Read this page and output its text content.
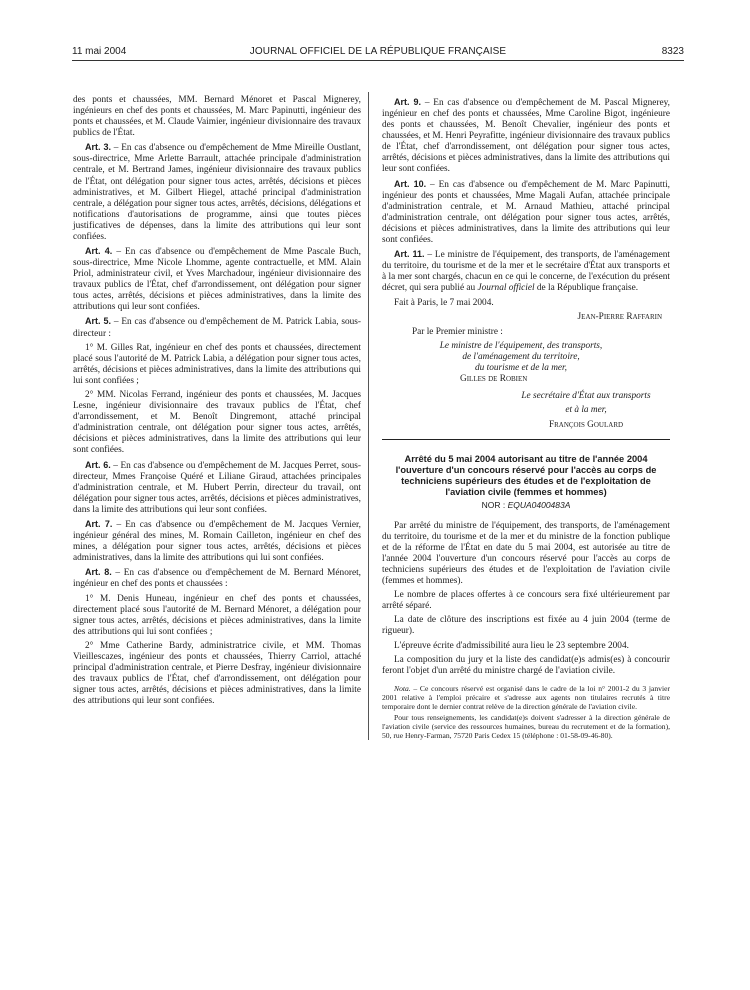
11 mai 2004	JOURNAL OFFICIEL DE LA RÉPUBLIQUE FRANÇAISE	8323

des ponts et chaussées, MM. Bernard Ménoret et Pascal Mignerey, ingénieurs en chef des ponts et chaussées, M. Marc Papinutti, ingénieur des ponts et chaussées, et M. Claude Vaimier, ingénieur divisionnaire des travaux publics de l'État.

Art. 3. – En cas d'absence ou d'empêchement de Mme Mireille Oustlant, sous-directrice, Mme Arlette Barrault, attachée principale d'administration centrale, et M. Bertrand James, ingénieur divisionnaire des travaux publics de l'État, ont délégation pour signer tous actes, arrêtés, décisions et pièces administratives, et M. Gilbert Hiegel, attaché principal d'administration centrale, a délégation pour signer tous actes, arrêtés, décisions, délégations et notifications d'autorisations de programme, ainsi que toutes pièces justificatives de dépenses, dans la limite des attributions qui leur sont confiées.

Art. 4. – En cas d'absence ou d'empêchement de Mme Pascale Buch, sous-directrice, Mme Nicole Lhomme, agente contractuelle, et MM. Alain Priol, administrateur civil, et Yves Marchadour, ingénieur divisionnaire des travaux publics de l'État, chef d'arrondissement, ont délégation pour signer tous actes, arrêtés, décisions et pièces administratives, dans la limite des attributions qui leur sont confiées.

Art. 5. – En cas d'absence ou d'empêchement de M. Patrick Labia, sous-directeur :

1° M. Gilles Rat, ingénieur en chef des ponts et chaussées, directement placé sous l'autorité de M. Patrick Labia, a délégation pour signer tous actes, arrêtés, décisions et pièces administratives, dans la limite des attributions qui lui sont confiées ;

2° MM. Nicolas Ferrand, ingénieur des ponts et chaussées, M. Jacques Lesne, ingénieur divisionnaire des travaux publics de l'État, chef d'arrondissement, et M. Benoît Dingremont, attaché principal d'administration centrale, ont délégation pour signer tous actes, arrêtés, décisions et pièces administratives, dans la limite des attributions qui leur sont confiées.

Art. 6. – En cas d'absence ou d'empêchement de M. Jacques Perret, sous-directeur, Mmes Françoise Quéré et Liliane Giraud, attachées principales d'administration centrale, et M. Hubert Perrin, directeur du travail, ont délégation pour signer tous actes, arrêtés, décisions et pièces administratives, dans la limite des attributions qui leur sont confiées.

Art. 7. – En cas d'absence ou d'empêchement de M. Jacques Vernier, ingénieur général des mines, M. Romain Cailleton, ingénieur en chef des mines, a délégation pour signer tous actes, arrêtés, décisions et pièces administratives, dans la limite des attributions qui lui sont confiées.

Art. 8. – En cas d'absence ou d'empêchement de M. Bernard Ménoret, ingénieur en chef des ponts et chaussées :

1° M. Denis Huneau, ingénieur en chef des ponts et chaussées, directement placé sous l'autorité de M. Bernard Ménoret, a délégation pour signer tous actes, arrêtés, décisions et pièces administratives, dans la limite des attributions qui lui sont confiées ;

2° Mme Catherine Bardy, administratrice civile, et MM. Thomas Vieillescazes, ingénieur des ponts et chaussées, Thierry Carriol, attaché principal d'administration centrale, et Pierre Desfray, ingénieur divisionnaire des travaux publics de l'État, chef d'arrondissement, ont délégation pour signer tous actes, arrêtés, décisions et pièces administratives, dans la limite des attributions qui leur sont confiées.

Art. 9. – En cas d'absence ou d'empêchement de M. Pascal Mignerey, ingénieur en chef des ponts et chaussées, Mme Caroline Bigot, ingénieure des ponts et chaussées, M. Benoît Chevalier, ingénieur des ponts et chaussées, et M. Henri Peyrafitte, ingénieur divisionnaire des travaux publics de l'État, chef d'arrondissement, ont délégation pour signer tous actes, arrêtés, décisions et pièces administratives, dans la limite des attributions qui leur sont confiées.

Art. 10. – En cas d'absence ou d'empêchement de M. Marc Papinutti, ingénieur des ponts et chaussées, Mme Magali Aufan, attachée principale d'administration centrale, et M. Arnaud Mathieu, attaché principal d'administration centrale, ont délégation pour signer tous actes, arrêtés, décisions et pièces administratives, dans la limite des attributions qui leur sont confiées.

Art. 11. – Le ministre de l'équipement, des transports, de l'aménagement du territoire, du tourisme et de la mer et le secrétaire d'État aux transports et à la mer sont chargés, chacun en ce qui le concerne, de l'exécution du présent décret, qui sera publié au Journal officiel de la République française.

Fait à Paris, le 7 mai 2004.

Jean-Pierre Raffarin

Par le Premier ministre :

Le ministre de l'équipement, des transports,

de l'aménagement du territoire,

du tourisme et de la mer,

Gilles de Robien

Le secrétaire d'État aux transports

et à la mer,

François Goulard

Arrêté du 5 mai 2004 autorisant au titre de l'année 2004 l'ouverture d'un concours réservé pour l'accès au corps de techniciens supérieurs des études et de l'exploitation de l'aviation civile (femmes et hommes)
NOR : EQUA0400483A

Par arrêté du ministre de l'équipement, des transports, de l'aménagement du territoire, du tourisme et de la mer et du ministre de la fonction publique et de la réforme de l'État en date du 5 mai 2004, est autorisée au titre de l'année 2004 l'ouverture d'un concours réservé pour l'accès au corps de techniciens supérieurs des études et de l'exploitation de l'aviation civile (femmes et hommes).

Le nombre de places offertes à ce concours sera fixé ultérieurement par arrêté séparé.

La date de clôture des inscriptions est fixée au 4 juin 2004 (terme de rigueur).

L'épreuve écrite d'admissibilité aura lieu le 23 septembre 2004.

La composition du jury et la liste des candidat(e)s admis(es) à concourir feront l'objet d'un arrêté du ministre chargé de l'aviation civile.

Nota. – Ce concours réservé est organisé dans le cadre de la loi n° 2001-2 du 3 janvier 2001 relative à l'emploi précaire et s'adresse aux agents non titulaires recrutés à titre temporaire dont le dernier contrat relève de la direction générale de l'aviation civile.

Pour tous renseignements, les candidat(e)s doivent s'adresser à la direction générale de l'aviation civile (service des ressources humaines, bureau du recrutement et de la formation), 50, rue Henry-Farman, 75720 Paris Cedex 15 (téléphone : 01-58-09-46-80).
